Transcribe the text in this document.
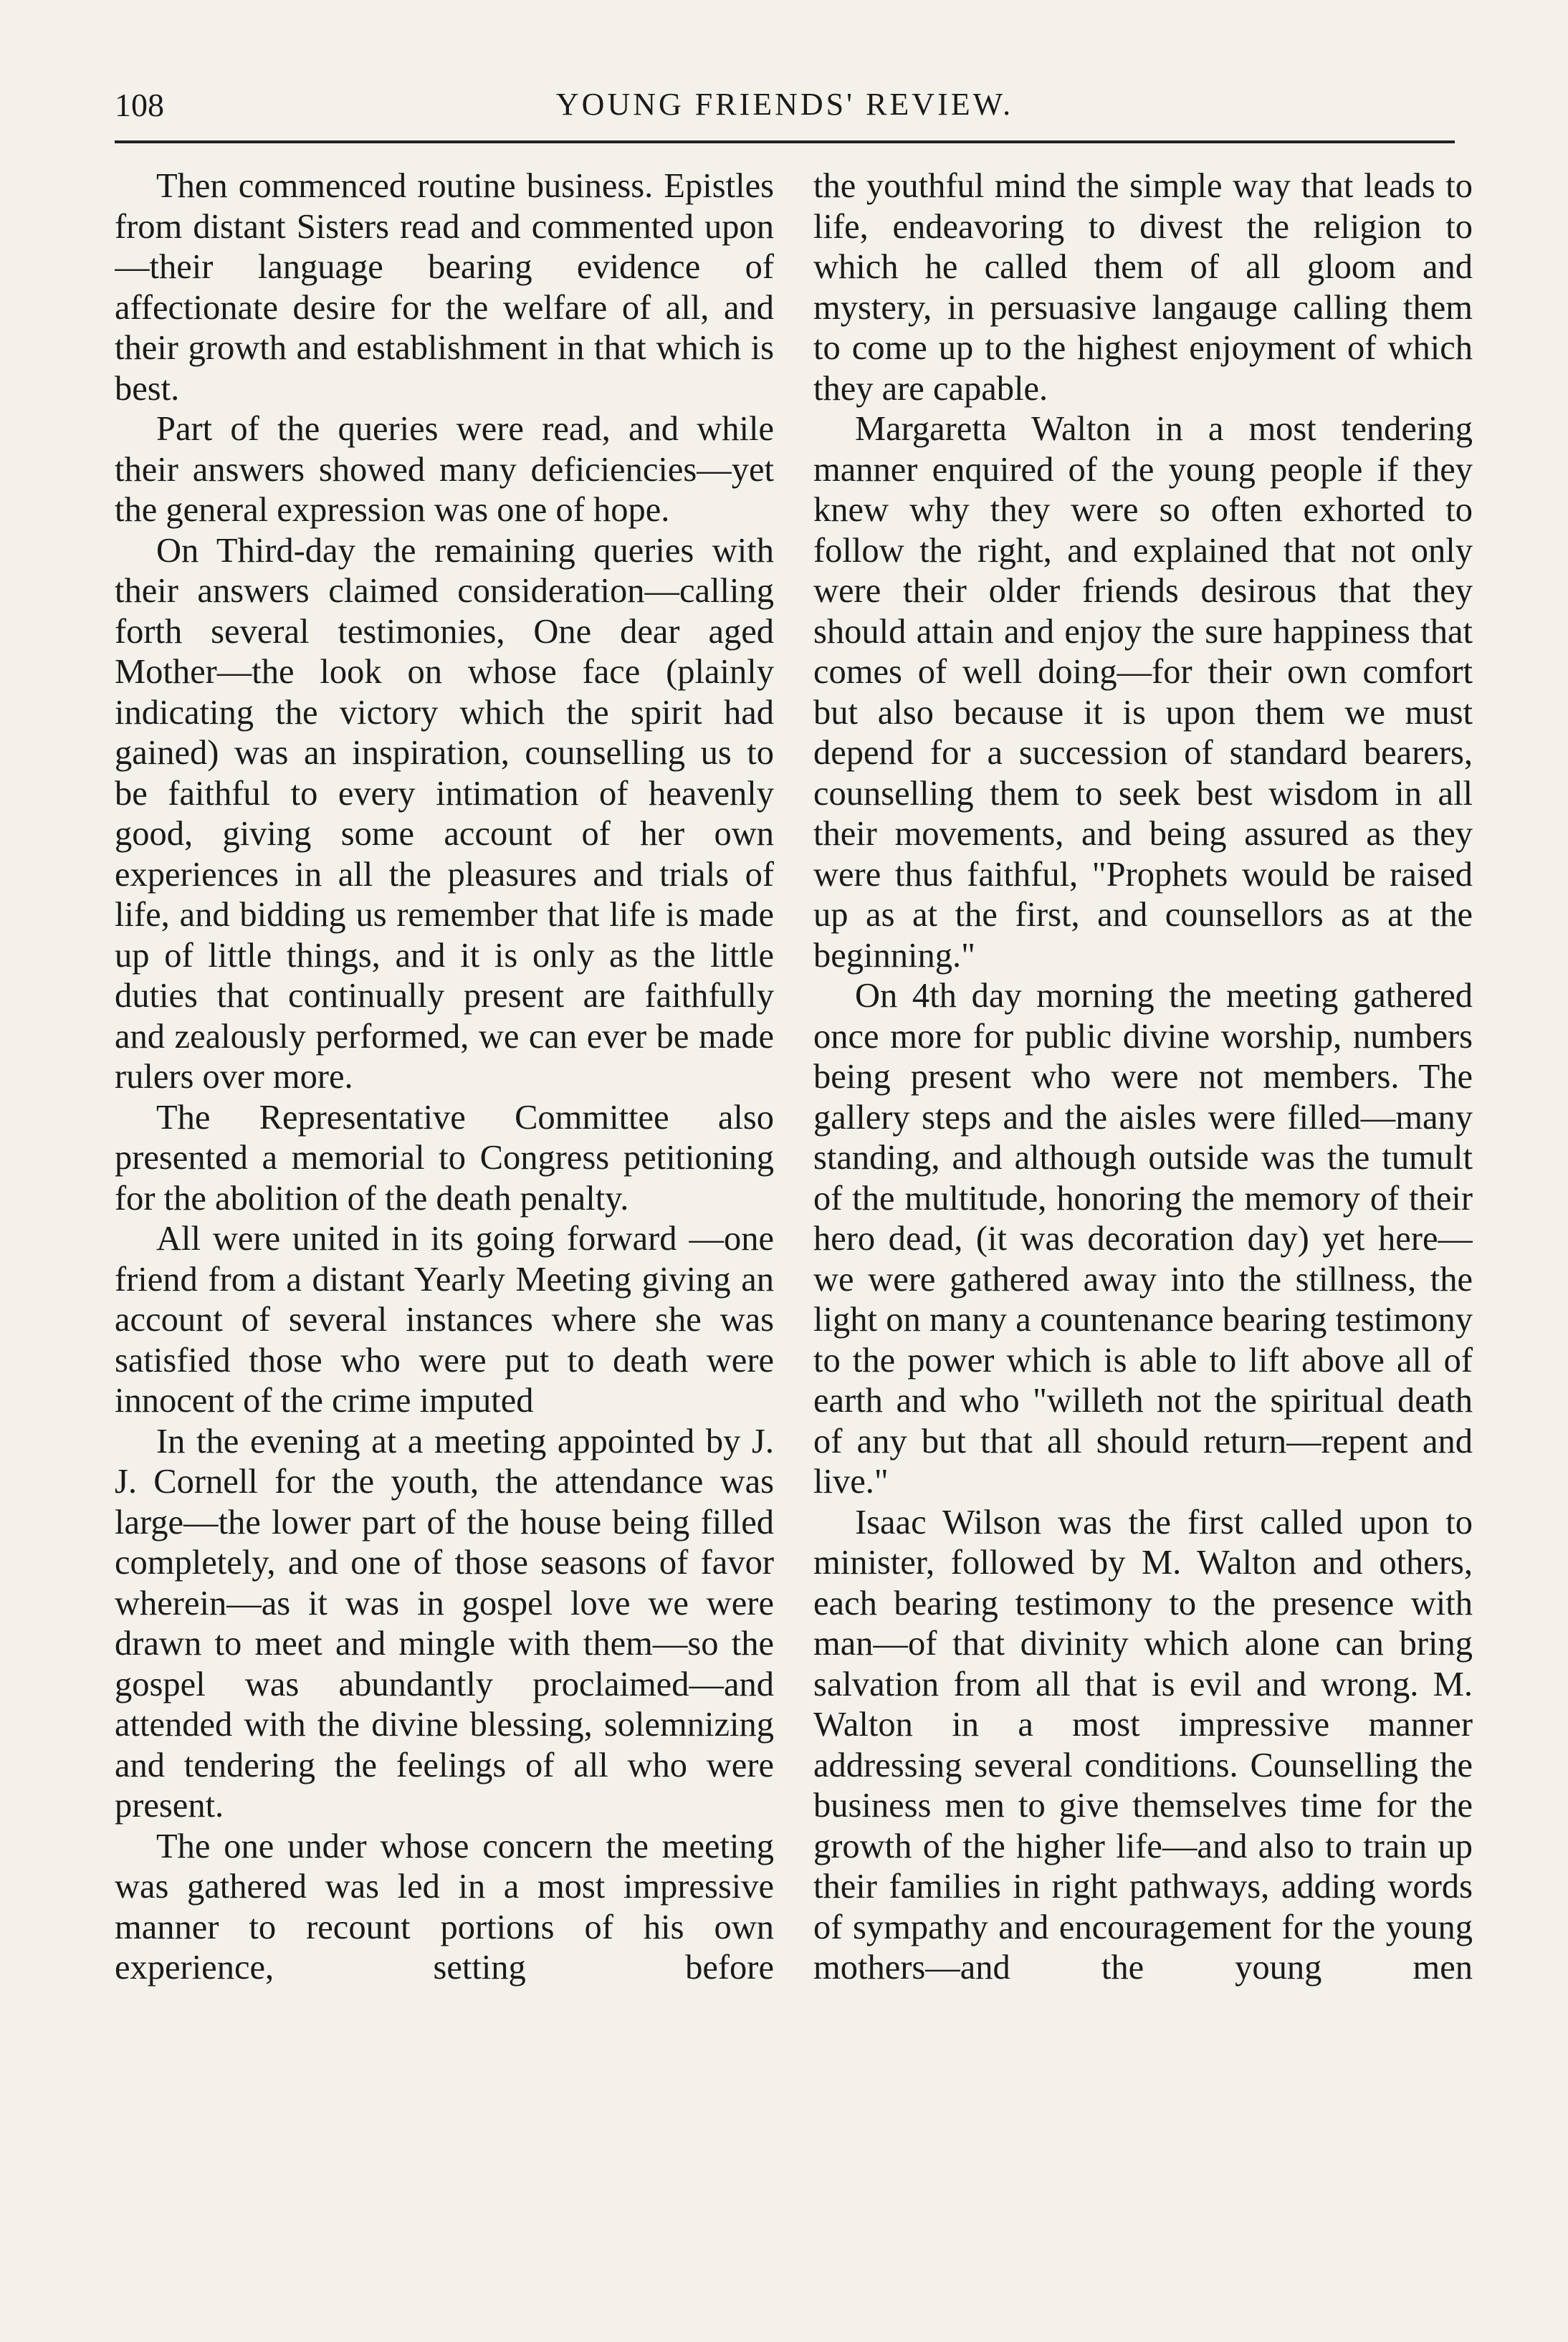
108	YOUNG FRIENDS' REVIEW.

Then commenced routine business. Epistles from distant Sisters read and commented upon—their language bearing evidence of affectionate desire for the welfare of all, and their growth and establishment in that which is best.

Part of the queries were read, and while their answers showed many deficiencies—yet the general expression was one of hope.

On Third-day the remaining queries with their answers claimed consideration—calling forth several testimonies, One dear aged Mother—the look on whose face (plainly indicating the victory which the spirit had gained) was an inspiration, counselling us to be faithful to every intimation of heavenly good, giving some account of her own experiences in all the pleasures and trials of life, and bidding us remember that life is made up of little things, and it is only as the little duties that continually present are faithfully and zealously performed, we can ever be made rulers over more.

The Representative Committee also presented a memorial to Congress petitioning for the abolition of the death penalty.

All were united in its going forward —one friend from a distant Yearly Meeting giving an account of several instances where she was satisfied those who were put to death were innocent of the crime imputed

In the evening at a meeting appointed by J. J. Cornell for the youth, the attendance was large—the lower part of the house being filled completely, and one of those seasons of favor wherein—as it was in gospel love we were drawn to meet and mingle with them—so the gospel was abundantly proclaimed—and attended with the divine blessing, solemnizing and tendering the feelings of all who were present.

The one under whose concern the meeting was gathered was led in a most impressive manner to recount portions of his own experience, setting before

the youthful mind the simple way that leads to life, endeavoring to divest the religion to which he called them of all gloom and mystery, in persuasive langauge calling them to come up to the highest enjoyment of which they are capable.

Margaretta Walton in a most tendering manner enquired of the young people if they knew why they were so often exhorted to follow the right, and explained that not only were their older friends desirous that they should attain and enjoy the sure happiness that comes of well doing—for their own comfort but also because it is upon them we must depend for a succession of standard bearers, counselling them to seek best wisdom in all their movements, and being assured as they were thus faithful, "Prophets would be raised up as at the first, and counsellors as at the beginning."

On 4th day morning the meeting gathered once more for public divine worship, numbers being present who were not members. The gallery steps and the aisles were filled—many standing, and although outside was the tumult of the multitude, honoring the memory of their hero dead, (it was decoration day) yet here—we were gathered away into the stillness, the light on many a countenance bearing testimony to the power which is able to lift above all of earth and who "willeth not the spiritual death of any but that all should return—repent and live."

Isaac Wilson was the first called upon to minister, followed by M. Walton and others, each bearing testimony to the presence with man—of that divinity which alone can bring salvation from all that is evil and wrong. M. Walton in a most impressive manner addressing several conditions. Counselling the business men to give themselves time for the growth of the higher life—and also to train up their families in right pathways, adding words of sympathy and encouragement for the young mothers—and the young men
